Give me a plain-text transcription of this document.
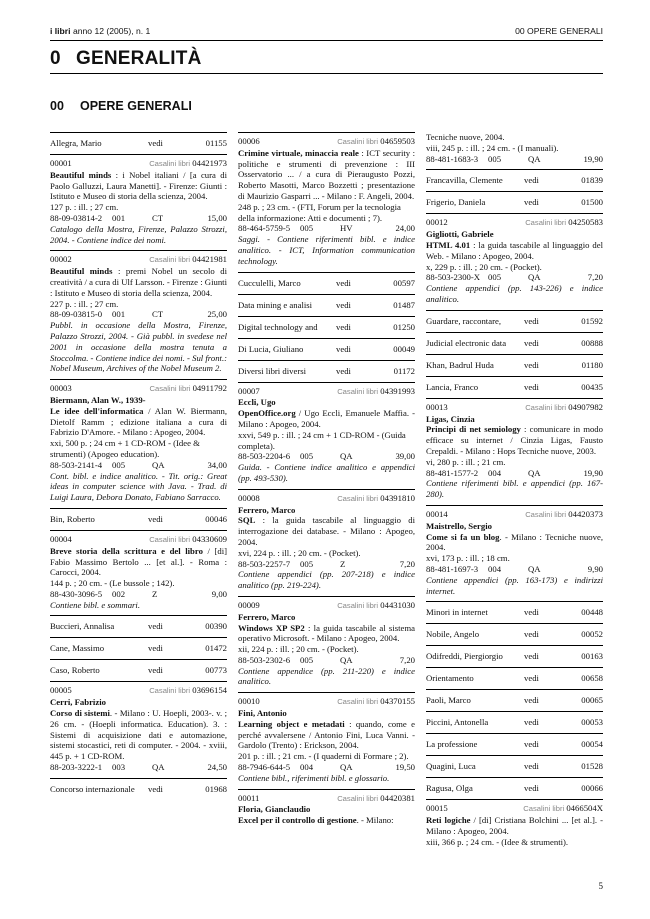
i libri anno 12 (2005), n. 1	00 OPERE GENERALI
0 GENERALITÀ
00 OPERE GENERALI
Allegra, Mario	vedi	01155
00001	Casalini libri 04421973
Beautiful minds : i Nobel italiani / [a cura di Paolo Galluzzi, Laura Manetti]. - Firenze: Giunti : Istituto e Museo di storia della scienza, 2004.
127 p. : ill. ; 27 cm.
88-09-03814-2	001	CT	15,00
Catalogo della Mostra, Firenze, Palazzo Strozzi, 2004. - Contiene indice dei nomi.
00002	Casalini libri 04421981
Beautiful minds : premi Nobel un secolo di creatività / a cura di Ulf Larsson. - Firenze : Giunti : Istituto e Museo di storia della scienza, 2004.
227 p. : ill. ; 27 cm.
88-09-03815-0	001	CT	25,00
Pubbl. in occasione della Mostra, Firenze, Palazzo Strozzi, 2004. - Già pubbl. in svedese nel 2001 in occasione della mostra tenuta a Stoccolma. - Contiene indice dei nomi. - Sul front.: Nobel Museum, Archives of the Nobel Museum 2.
00003	Casalini libri 04911792
Biermann, Alan W., 1939-
Le idee dell'informatica / Alan W. Biermann, Dietolf Ramm ; edizione italiana a cura di Fabrizio D'Amore. - Milano : Apogeo, 2004.
xxi, 500 p. ; 24 cm + 1 CD-ROM - (Idee & strumenti) (Apogeo education).
88-503-2141-4	005	QA	34,00
Cont. bibl. e indice analitico. - Tit. orig.: Great ideas in computer science with Java. - Trad. di Luigi Laura, Debora Donato, Fabiano Sarracco.
Bin, Roberto	vedi	00046
00004	Casalini libri 04330609
Breve storia della scrittura e del libro / [di] Fabio Massimo Bertolo ... [et al.]. - Roma : Carocci, 2004.
144 p. ; 20 cm. - (Le bussole ; 142).
88-430-3096-5	002	Z	9,00
Contiene bibl. e sommari.
Buccieri, Annalisa	vedi	00390
Cane, Massimo	vedi	01472
Caso, Roberto	vedi	00773
00005	Casalini libri 03696154
Cerri, Fabrizio
Corso di sistemi. - Milano : U. Hoepli, 2003-. v. ; 26 cm. - (Hoepli informatica. Education). 3. : Sistemi di acquisizione dati e automazione, sistemi stocastici, reti di computer. - 2004. - xviii, 445 p. + 1 CD-ROM.
88-203-3222-1	003	QA	24,50
Concorso internazionale vedi	01968
00006	Casalini libri 04659503
Crimine virtuale, minaccia reale : ICT security : politiche e strumenti di prevenzione : III Osservatorio ... / a cura di Pieraugusto Pozzi, Roberto Masotti, Marco Bozzetti ; presentazione di Maurizio Gasparri ... - Milano : F. Angeli, 2004.
248 p. ; 23 cm. - (FTI, Forum per la tecnologia della informazione: Atti e documenti ; 7).
88-464-5759-5	005	HV	24,00
Saggi. - Contiene riferimenti bibl. e indice analitico. - ICT, Information communication technology.
Cucculelli, Marco	vedi	00597
Data mining e analisi	vedi	01487
Digital technology and vedi	01250
Di Lucia, Giuliano	vedi	00049
Diversi libri diversi	vedi	01172
00007	Casalini libri 04391993
Eccli, Ugo
OpenOffice.org / Ugo Eccli, Emanuele Maffia. - Milano : Apogeo, 2004.
xxvi, 549 p. : ill. ; 24 cm + 1 CD-ROM - (Guida completa).
88-503-2204-6	005	QA	39,00
Guida. - Contiene indice analitico e appendici (pp. 493-530).
00008	Casalini libri 04391810
Ferrero, Marco
SQL : la guida tascabile al linguaggio di interrogazione dei database. - Milano : Apogeo, 2004.
xvi, 224 p. : ill. ; 20 cm. - (Pocket).
88-503-2257-7	005	Z	7,20
Contiene appendici (pp. 207-218) e indice analitico (pp. 219-224).
00009	Casalini libri 04431030
Ferrero, Marco
Windows XP SP2 : la guida tascabile al sistema operativo Microsoft. - Milano : Apogeo, 2004.
xii, 224 p. : ill. ; 20 cm. - (Pocket).
88-503-2302-6	005	QA	7,20
Contiene appendice (pp. 211-220) e indice analitico.
00010	Casalini libri 04370155
Fini, Antonio
Learning object e metadati : quando, come e perché avvalersene / Antonio Fini, Luca Vanni. - Gardolo (Trento) : Erickson, 2004.
201 p. : ill. ; 21 cm. - (I quaderni di Formare ; 2).
88-7946-644-5	004	QA	19,50
Contiene bibl., riferimenti bibl. e glossario.
00011	Casalini libri 04420381
Floria, Gianclaudio
Excel per il controllo di gestione. - Milano:
Tecniche nuove, 2004.
viii, 245 p. : ill. ; 24 cm. - (I manuali).
88-481-1683-3	005	QA	19,90
Francavilla, Clemente vedi	01839
Frigerio, Daniela	vedi	01500
00012	Casalini libri 04250583
Gigliotti, Gabriele
HTML 4.01 : la guida tascabile al linguaggio del Web. - Milano : Apogeo, 2004.
x, 229 p. : ill. ; 20 cm. - (Pocket).
88-503-2300-X 005	QA	7,20
Contiene appendici (pp. 143-226) e indice analitico.
Guardare, raccontare,	vedi	01592
Judicial electronic data vedi	00888
Khan, Badrul Huda	vedi	01180
Lancia, Franco	vedi	00435
00013	Casalini libri 04907982
Ligas, Cinzia
Principi di net semiology : comunicare in modo efficace su internet / Cinzia Ligas, Fausto Crepaldi. - Milano : Hops Tecniche nuove, 2003.
vi, 280 p. : ill. ; 21 cm.
88-481-1577-2	004	QA	19,90
Contiene riferimenti bibl. e appendici (pp. 167-280).
00014	Casalini libri 04420373
Maistrello, Sergio
Come si fa un blog. - Milano : Tecniche nuove, 2004.
xvi, 173 p. : ill. ; 18 cm.
88-481-1697-3	004	QA	9,90
Contiene appendici (pp. 163-173) e indirizzi internet.
Minori in internet	vedi	00448
Nobile, Angelo	vedi	00052
Odifreddi, Piergiorgio vedi	00163
Orientamento	vedi	00658
Paoli, Marco	vedi	00065
Piccini, Antonella	vedi	00053
La professione	vedi	00054
Quagini, Luca	vedi	01528
Ragusa, Olga	vedi	00066
00015	Casalini libri 0466504X
Reti logiche / [di] Cristiana Bolchini ... [et al.]. - Milano : Apogeo, 2004.
xiii, 366 p. ; 24 cm. - (Idee & strumenti).
5
